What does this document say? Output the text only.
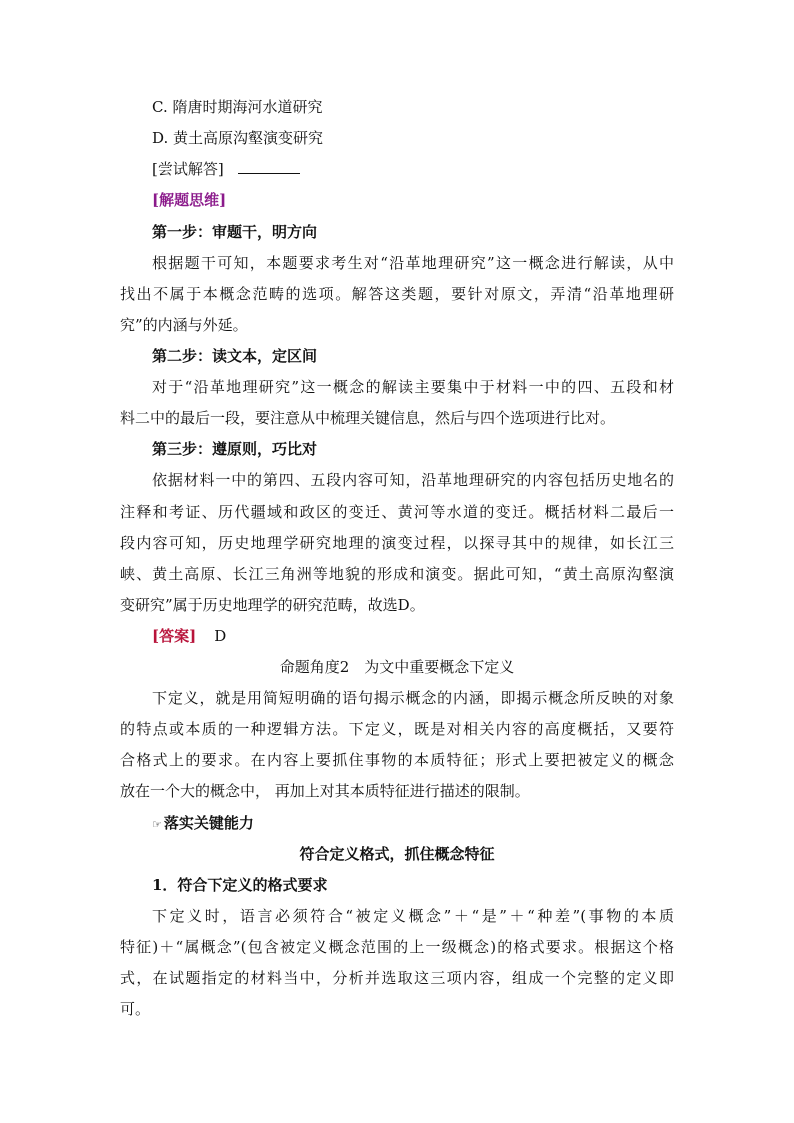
C. 隋唐时期海河水道研究
D. 黄土高原沟壑演变研究
[尝试解答]
[解题思维]
第一步：审题干，明方向
根据题干可知，本题要求考生对“沿革地理研究”这一概念进行解读，从中
找出不属于本概念范畴的选项。解答这类题，要针对原文，弄清“沿革地理研
究”的内涵与外延。
第二步：读文本，定区间
对于“沿革地理研究”这一概念的解读主要集中于材料一中的四、五段和材
料二中的最后一段，要注意从中梳理关键信息，然后与四个选项进行比对。
第三步：遵原则，巧比对
依据材料一中的第四、五段内容可知，沿革地理研究的内容包括历史地名的
注释和考证、历代疆域和政区的变迁、黄河等水道的变迁。概括材料二最后一
段内容可知，历史地理学研究地理的演变过程，以探寻其中的规律，如长江三
峡、黄土高原、长江三角洲等地貌的形成和演变。据此可知，“黄土高原沟壑演
变研究”属于历史地理学的研究范畴，故选D。
[答案] D
命题角度2　为文中重要概念下定义
下定义，就是用简短明确的语句揭示概念的内涵，即揭示概念所反映的对象
的特点或本质的一种逻辑方法。下定义，既是对相关内容的高度概括，又要符
合格式上的要求。在内容上要抓住事物的本质特征；形式上要把被定义的概念
放在一个大的概念中， 再加上对其本质特征进行描述的限制。
☞ 落实关键能力
符合定义格式，抓住概念特征
1．符合下定义的格式要求
下定义时，语言必须符合“被定义概念”＋“是”＋“种差”(事物的本质
特征)＋“属概念”(包含被定义概念范围的上一级概念)的格式要求。根据这个格
式，在试题指定的材料当中，分析并选取这三项内容，组成一个完整的定义即
可。
